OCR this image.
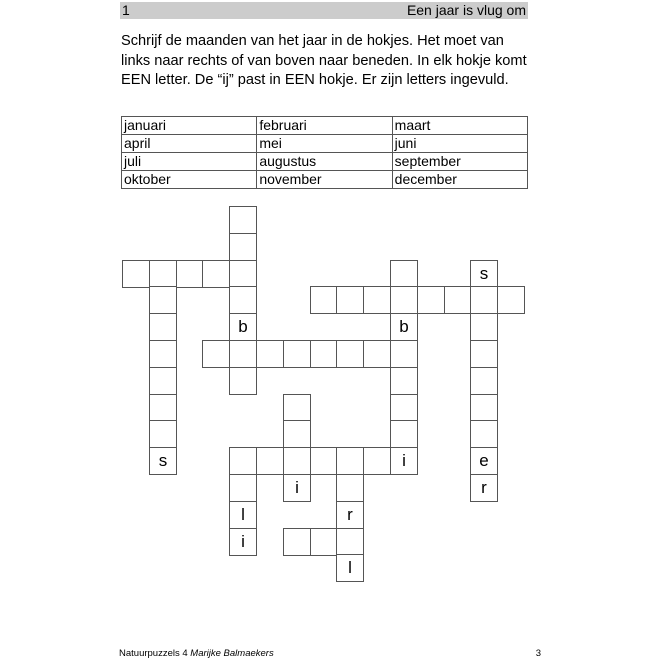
1	Een jaar is vlug om

Schrijf de maanden van het jaar in de hokjes. Het moet van links naar rechts of van boven naar beneden. In elk hokje komt EEN letter. De “ij” past in EEN hokje. Er zijn letters ingevuld.

januari	februari	maart
april	mei	juni
juli	augustus	september
oktober	november	december
s
b	b
s	i	e
i	r
l	r
i
l
Natuurpuzzels 4 Marijke Balmaekers	3
